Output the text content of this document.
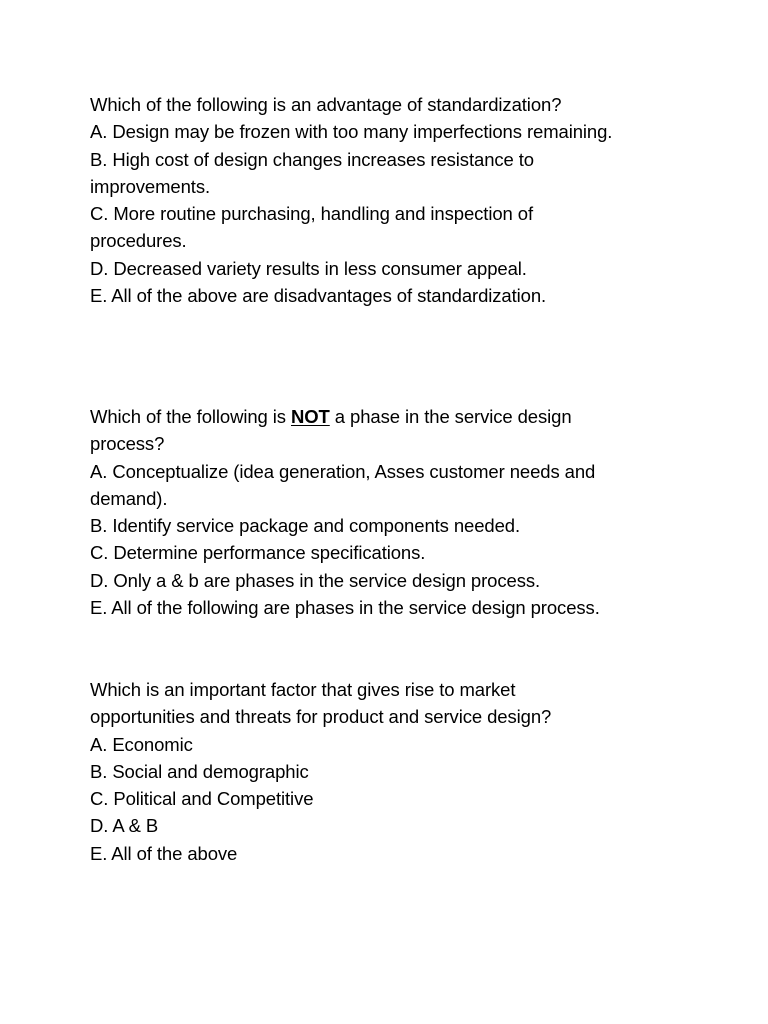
Which of the following is an advantage of standardization?
A. Design may be frozen with too many imperfections remaining.
B. High cost of design changes increases resistance to improvements.
C. More routine purchasing, handling and inspection of procedures.
D. Decreased variety results in less consumer appeal.
E. All of the above are disadvantages of standardization.
Which of the following is NOT a phase in the service design process?
A. Conceptualize (idea generation, Asses customer needs and demand).
B. Identify service package and components needed.
C. Determine performance specifications.
D. Only a & b are phases in the service design process.
E. All of the following are phases in the service design process.
Which is an important factor that gives rise to market opportunities and threats for product and service design?
A. Economic
B. Social and demographic
C. Political and Competitive
D. A & B
E. All of the above
